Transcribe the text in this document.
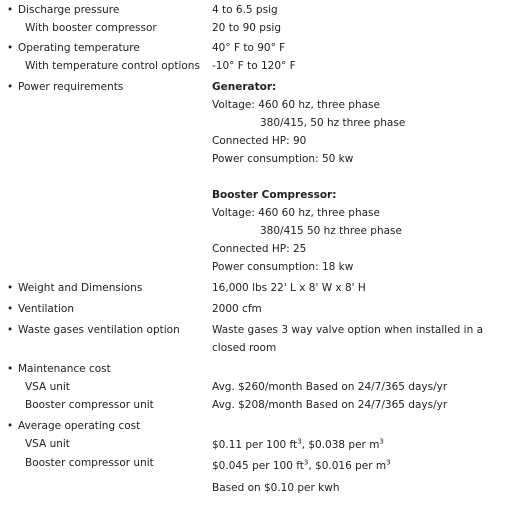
• Discharge pressure
With booster compressor
• Operating temperature
With temperature control options
• Power requirements
• Weight and Dimensions
• Ventilation
• Waste gases ventilation option
• Maintenance cost
VSA unit
Booster compressor unit
• Average operating cost
VSA unit
Booster compressor unit
4 to 6.5 psig
20 to 90 psig
40° F to 90° F
-10° F to 120° F
Generator:
Voltage: 460 60 hz, three phase
380/415, 50 hz three phase
Connected HP: 90
Power consumption: 50 kw
Booster Compressor:
Voltage: 460 60 hz, three phase
380/415 50 hz three phase
Connected HP: 25
Power consumption: 18 kw
16,000 lbs 22' L x 8' W x 8' H
2000 cfm
Waste gases 3 way valve option when installed in a
closed room
Avg. $260/month Based on 24/7/365 days/yr
Avg. $208/month Based on 24/7/365 days/yr
$0.11 per 100 $ft^3$, $0.038 per $m^3$
$0.045 per 100 $ft^3$, $0.016 per $m^3$
Based on $0.10 per kwh
